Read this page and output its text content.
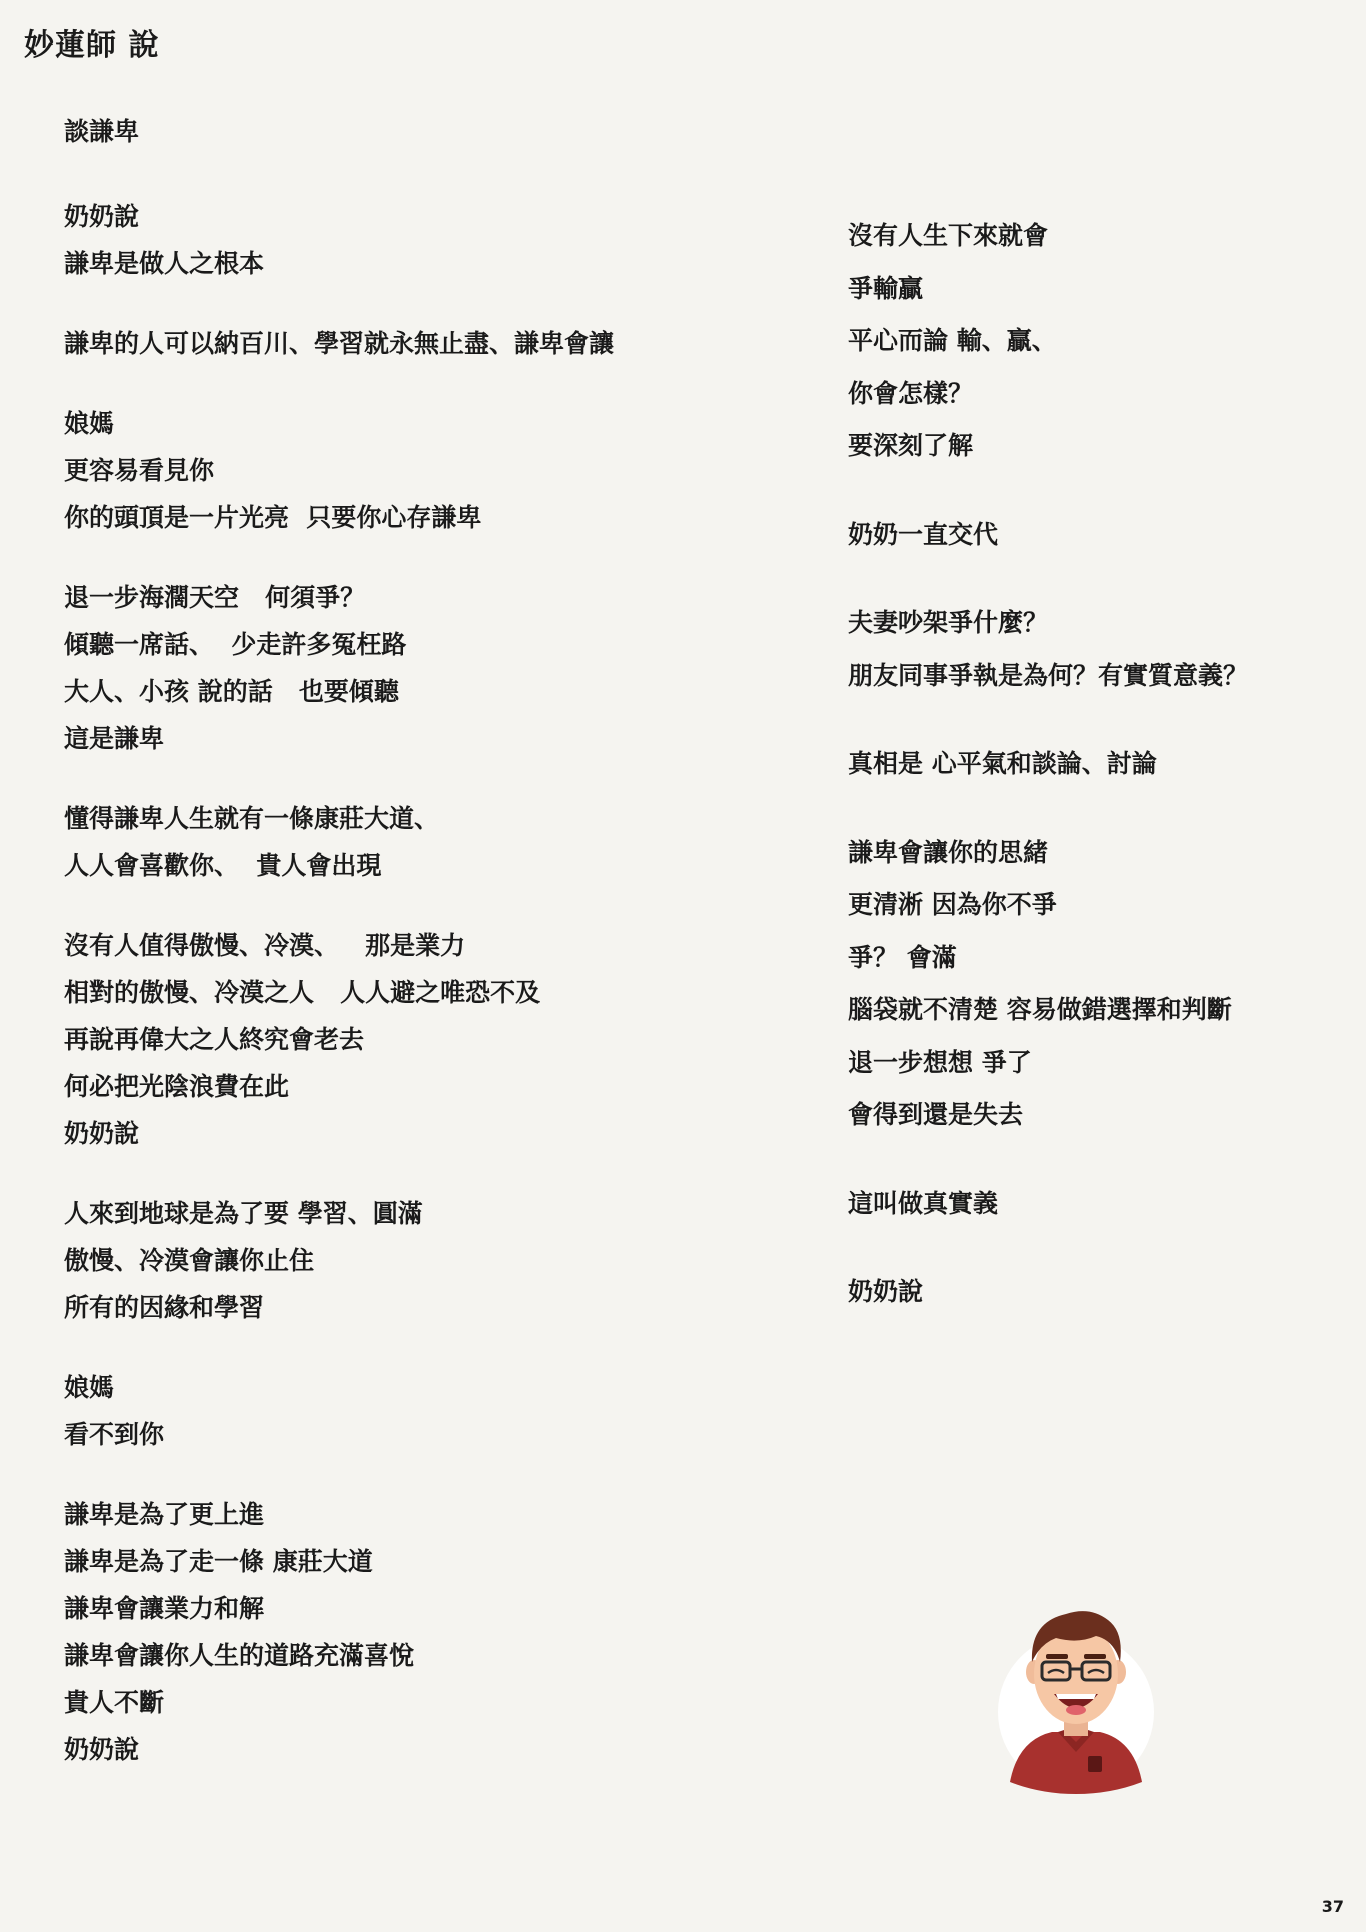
妙蓮師 說
談謙卑
奶奶說
謙卑是做人之根本
謙卑的人可以納百川、學習就永無止盡、謙卑會讓
娘媽
更容易看見你
你的頭頂是一片光亮  只要你心存謙卑
退一步海濶天空   何須爭？
傾聽一席話、  少走許多冤枉路
大人、小孩 說的話   也要傾聽
這是謙卑
懂得謙卑人生就有一條康莊大道、
人人會喜歡你、  貴人會出現
沒有人值得傲慢、冷漠、   那是業力
相對的傲慢、冷漠之人   人人避之唯恐不及
再說再偉大之人終究會老去
何必把光陰浪費在此
奶奶說
人來到地球是為了要 學習、圓滿
傲慢、冷漠會讓你止住
所有的因緣和學習
娘媽
看不到你
謙卑是為了更上進
謙卑是為了走一條 康莊大道
謙卑會讓業力和解
謙卑會讓你人生的道路充滿喜悅
貴人不斷
奶奶說
沒有人生下來就會
爭輸贏
平心而論 輸、贏、
你會怎樣？
要深刻了解
奶奶一直交代
夫妻吵架爭什麼？
朋友同事爭執是為何？有實質意義？
真相是 心平氣和談論、討論
謙卑會讓你的思緒
更清淅 因為你不爭
爭？ 會滿
腦袋就不清楚 容易做錯選擇和判斷
退一步想想 爭了
會得到還是失去
這叫做真實義
奶奶說
37
